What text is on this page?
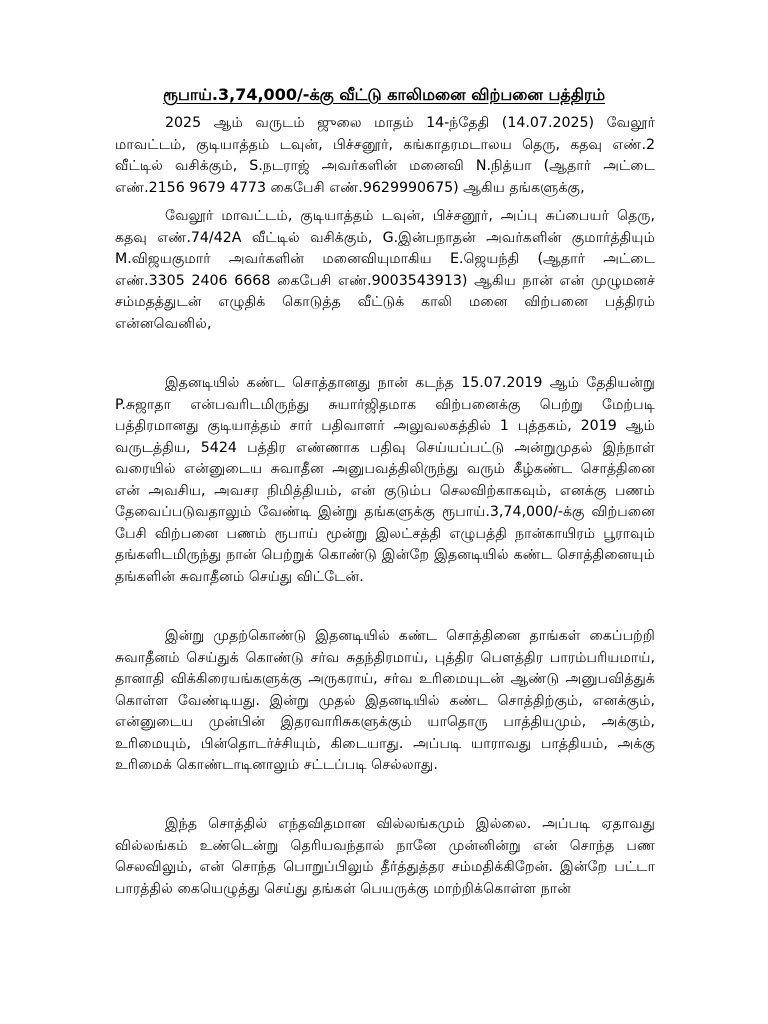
ரூபாய்.3,74,000/-க்கு வீட்டு காலிமனை விற்பனை பத்திரம்

2025 ஆம் வருடம் ஜுலை மாதம் 14-ந்தேதி (14.07.2025) வேலூர் மாவட்டம், குடியாத்தம் டவுன், பிச்சனூர், கங்காதரமடாலய தெரு, கதவு எண்.2 வீட்டில் வசிக்கும், S.நடராஜ் அவர்களின் மனைவி N.நித்யா (ஆதார் அட்டை எண்.2156 9679 4773 கைபேசி எண்.9629990675) ஆகிய தங்களுக்கு,

வேலூர் மாவட்டம், குடியாத்தம் டவுன், பிச்சனூர், அப்பு சுப்பையர் தெரு, கதவு எண்.74/42A வீட்டில் வசிக்கும், G.இன்பநாதன் அவர்களின் குமார்த்தியும் M.விஜயகுமார் அவர்களின் மனைவியுமாகிய E.ஜெயந்தி (ஆதார் அட்டை எண்.3305 2406 6668 கைபேசி எண்.9003543913) ஆகிய நான் என் முழுமனச் சம்மதத்துடன் எழுதிக் கொடுத்த வீட்டுக் காலி மனை விற்பனை பத்திரம் என்னவெனில்,

இதனடியில் கண்ட சொத்தானது நான் கடந்த 15.07.2019 ஆம் தேதியன்று P.சுஜாதா என்பவரிடமிருந்து சுயார்ஜிதமாக விற்பனைக்கு பெற்று மேற்படி பத்திரமானது குடியாத்தம் சார் பதிவாளர் அலுவலகத்தில் 1 புத்தகம், 2019 ஆம் வருடத்திய, 5424 பத்திர எண்ணாக பதிவு செய்யப்பட்டு அன்றுமுதல் இந்நாள் வரையில் என்னுடைய சுவாதீன அனுபவத்திலிருந்து வரும் கீழ்கண்ட சொத்தினை என் அவசிய, அவசர நிமித்தியம், என் குடும்ப செலவிற்காகவும், எனக்கு பணம் தேவைப்படுவதாலும் வேண்டி இன்று தங்களுக்கு ரூபாய்.3,74,000/-க்கு விற்பனை பேசி விற்பனை பணம் ரூபாய் மூன்று இலட்சத்தி எழுபத்தி நான்காயிரம் பூராவும் தங்களிடமிருந்து நான் பெற்றுக் கொண்டு இன்றே இதனடியில் கண்ட சொத்தினையும் தங்களின் சுவாதீனம் செய்து விட்டேன்.

இன்று முதற்கொண்டு இதனடியில் கண்ட சொத்தினை தாங்கள் கைப்பற்றி சுவாதீனம் செய்துக் கொண்டு சர்வ சுதந்திரமாய், புத்திர பௌத்திர பாரம்பரியமாய், தானாதி விக்கிரையங்களுக்கு அருகராய், சர்வ உரிமையுடன் ஆண்டு அனுபவித்துக் கொள்ள வேண்டியது. இன்று முதல் இதனடியில் கண்ட சொத்திற்கும், எனக்கும், என்னுடைய முன்பின் இதரவாரிசுகளுக்கும் யாதொரு பாத்தியமும், அக்கும், உரிமையும், பின்தொடர்ச்சியும், கிடையாது. அப்படி யாராவது பாத்தியம், அக்கு உரிமைக் கொண்டாடினாலும் சட்டப்படி செல்லாது.

இந்த சொத்தில் எந்தவிதமான வில்லங்கமும் இல்லை. அப்படி ஏதாவது வில்லங்கம் உண்டென்று தெரியவந்தால் நானே முன்னின்று என் சொந்த பண செலவிலும், என் சொந்த பொறுப்பிலும் தீர்த்துத்தர சம்மதிக்கிறேன். இன்றே பட்டா பாரத்தில் கையெழுத்து செய்து தங்கள் பெயருக்கு மாற்றிக்கொள்ள நான்
